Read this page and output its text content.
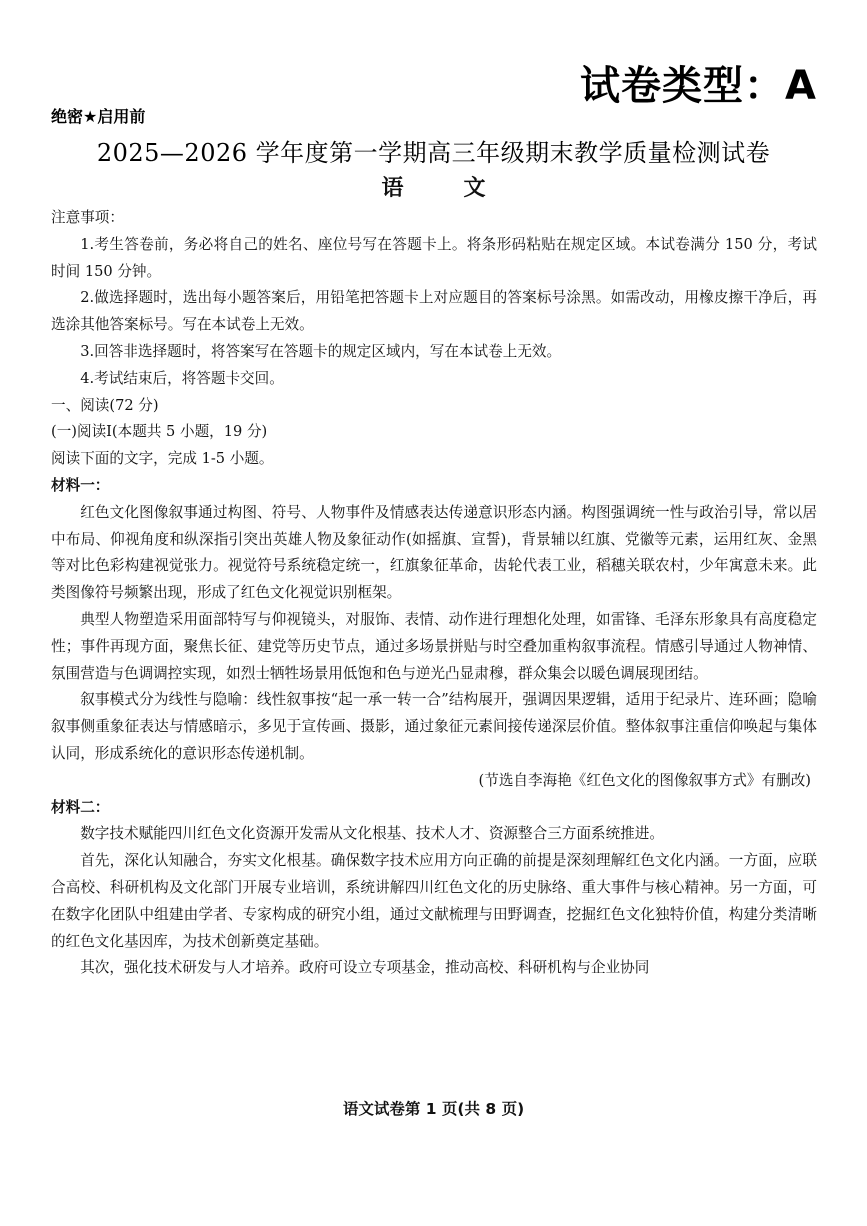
试卷类型：A
绝密★启用前
2025—2026 学年度第一学期高三年级期末教学质量检测试卷
语文

注意事项：

1.考生答卷前，务必将自己的姓名、座位号写在答题卡上。将条形码粘贴在规定区域。本试卷满分 150 分，考试时间 150 分钟。

2.做选择题时，选出每小题答案后，用铅笔把答题卡上对应题目的答案标号涂黑。如需改动，用橡皮擦干净后，再选涂其他答案标号。写在本试卷上无效。

3.回答非选择题时，将答案写在答题卡的规定区域内，写在本试卷上无效。

4.考试结束后，将答题卡交回。

一、阅读(72 分)

(一)阅读Ⅰ(本题共 5 小题，19 分)

阅读下面的文字，完成 1-5 小题。

材料一：

红色文化图像叙事通过构图、符号、人物事件及情感表达传递意识形态内涵。构图强调统一性与政治引导，常以居中布局、仰视角度和纵深指引突出英雄人物及象征动作(如摇旗、宣誓)，背景辅以红旗、党徽等元素，运用红灰、金黑等对比色彩构建视觉张力。视觉符号系统稳定统一，红旗象征革命，齿轮代表工业，稻穗关联农村，少年寓意未来。此类图像符号频繁出现，形成了红色文化视觉识别框架。

典型人物塑造采用面部特写与仰视镜头，对服饰、表情、动作进行理想化处理，如雷锋、毛泽东形象具有高度稳定性；事件再现方面，聚焦长征、建党等历史节点，通过多场景拼贴与时空叠加重构叙事流程。情感引导通过人物神情、氛围营造与色调调控实现，如烈士牺牲场景用低饱和色与逆光凸显肃穆，群众集会以暖色调展现团结。

叙事模式分为线性与隐喻：线性叙事按“起一承一转一合”结构展开，强调因果逻辑，适用于纪录片、连环画；隐喻叙事侧重象征表达与情感暗示，多见于宣传画、摄影，通过象征元素间接传递深层价值。整体叙事注重信仰唤起与集体认同，形成系统化的意识形态传递机制。

(节选自李海艳《红色文化的图像叙事方式》有删改)

材料二：

数字技术赋能四川红色文化资源开发需从文化根基、技术人才、资源整合三方面系统推进。

首先，深化认知融合，夯实文化根基。确保数字技术应用方向正确的前提是深刻理解红色文化内涵。一方面，应联合高校、科研机构及文化部门开展专业培训，系统讲解四川红色文化的历史脉络、重大事件与核心精神。另一方面，可在数字化团队中组建由学者、专家构成的研究小组，通过文献梳理与田野调查，挖掘红色文化独特价值，构建分类清晰的红色文化基因库，为技术创新奠定基础。

其次，强化技术研发与人才培养。政府可设立专项基金，推动高校、科研机构与企业协同

语文试卷第 1 页(共 8 页)
